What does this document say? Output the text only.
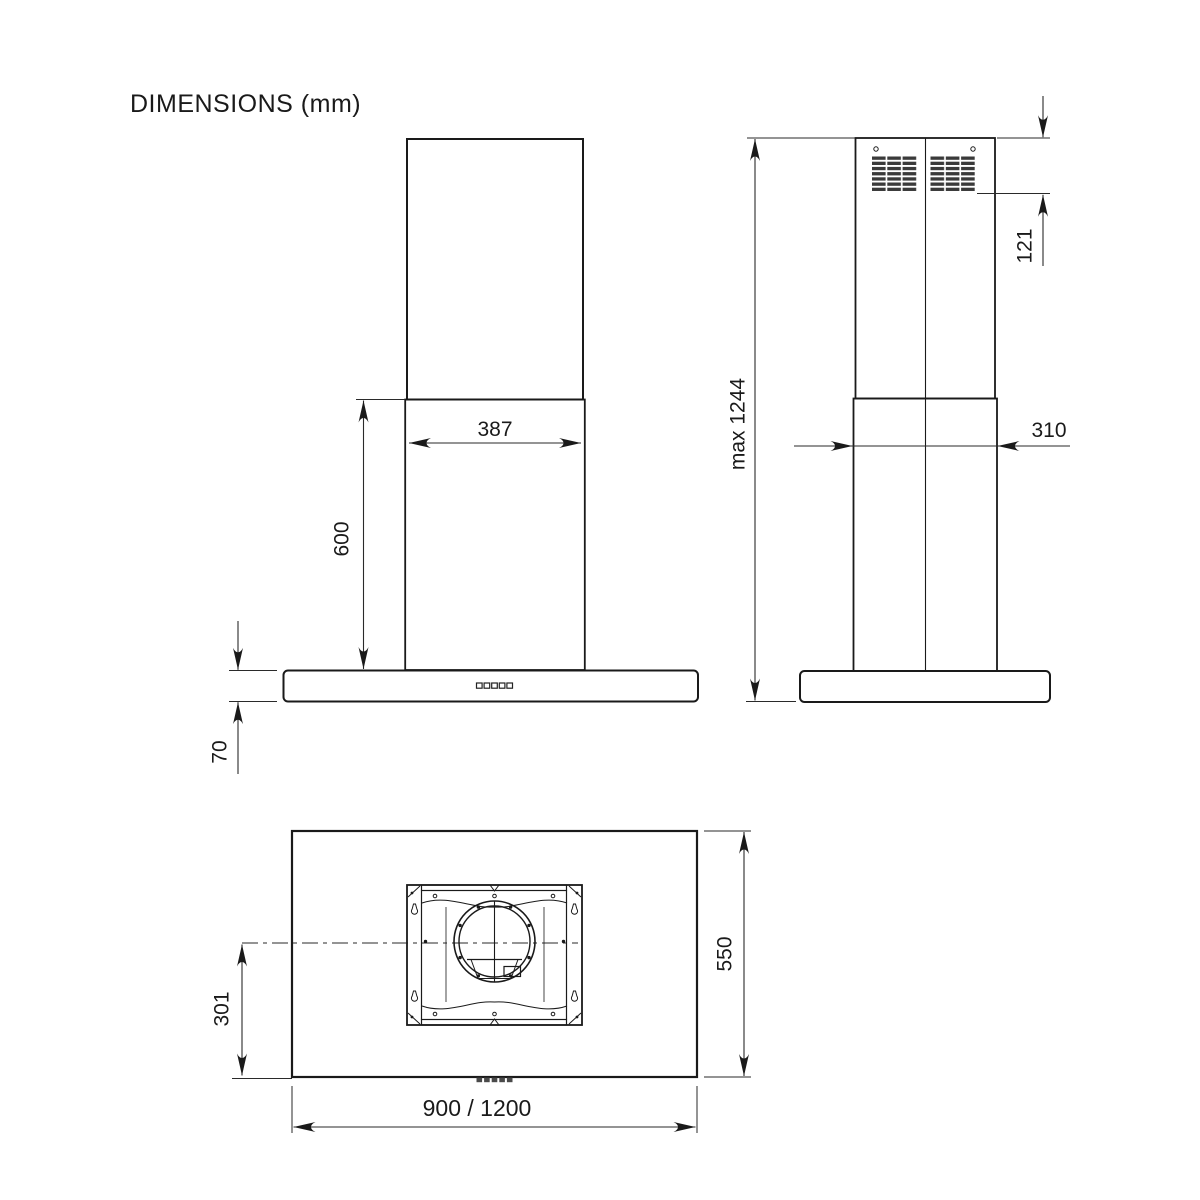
DIMENSIONS (mm)
387
600
70
max 1244
121
310
550
301
900 / 1200
